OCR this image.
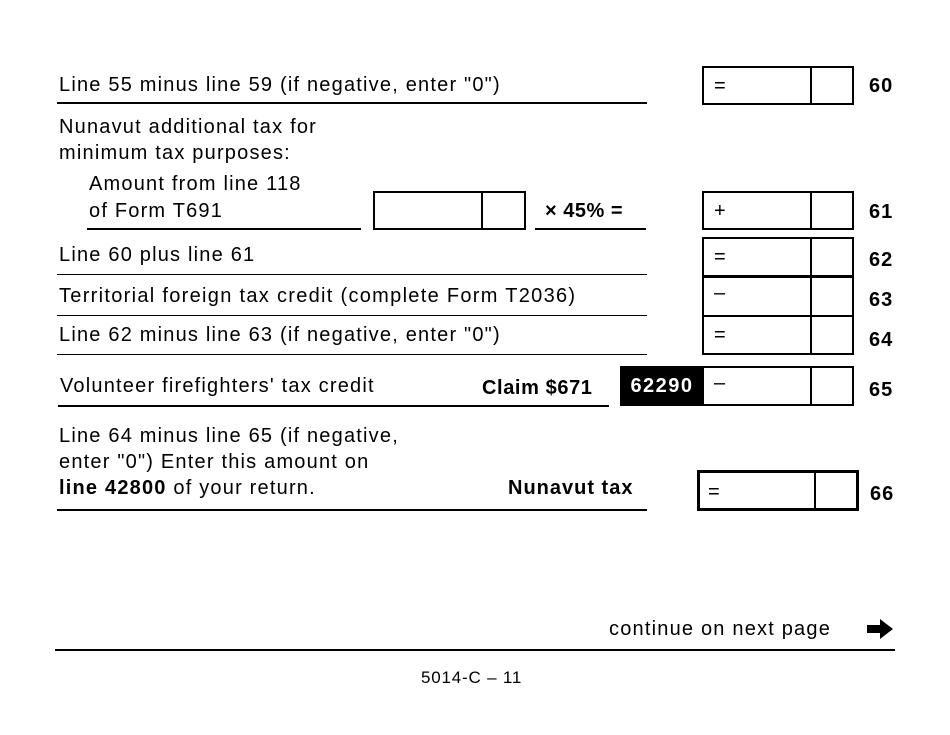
Line 55 minus line 59 (if negative, enter "0")	=	60
Nunavut additional tax for
minimum tax purposes:
Amount from line 118
of Form T691	× 45% =	+	61
Line 60 plus line 61	=	62
Territorial foreign tax credit (complete Form T2036)	–	63
Line 62 minus line 63 (if negative, enter "0")	=	64
Volunteer firefighters' tax credit	Claim $671	62290	–	65
Line 64 minus line 65 (if negative,
enter "0") Enter this amount on
line 42800 of your return.	Nunavut tax	=	66
continue on next page
5014-C – 11
